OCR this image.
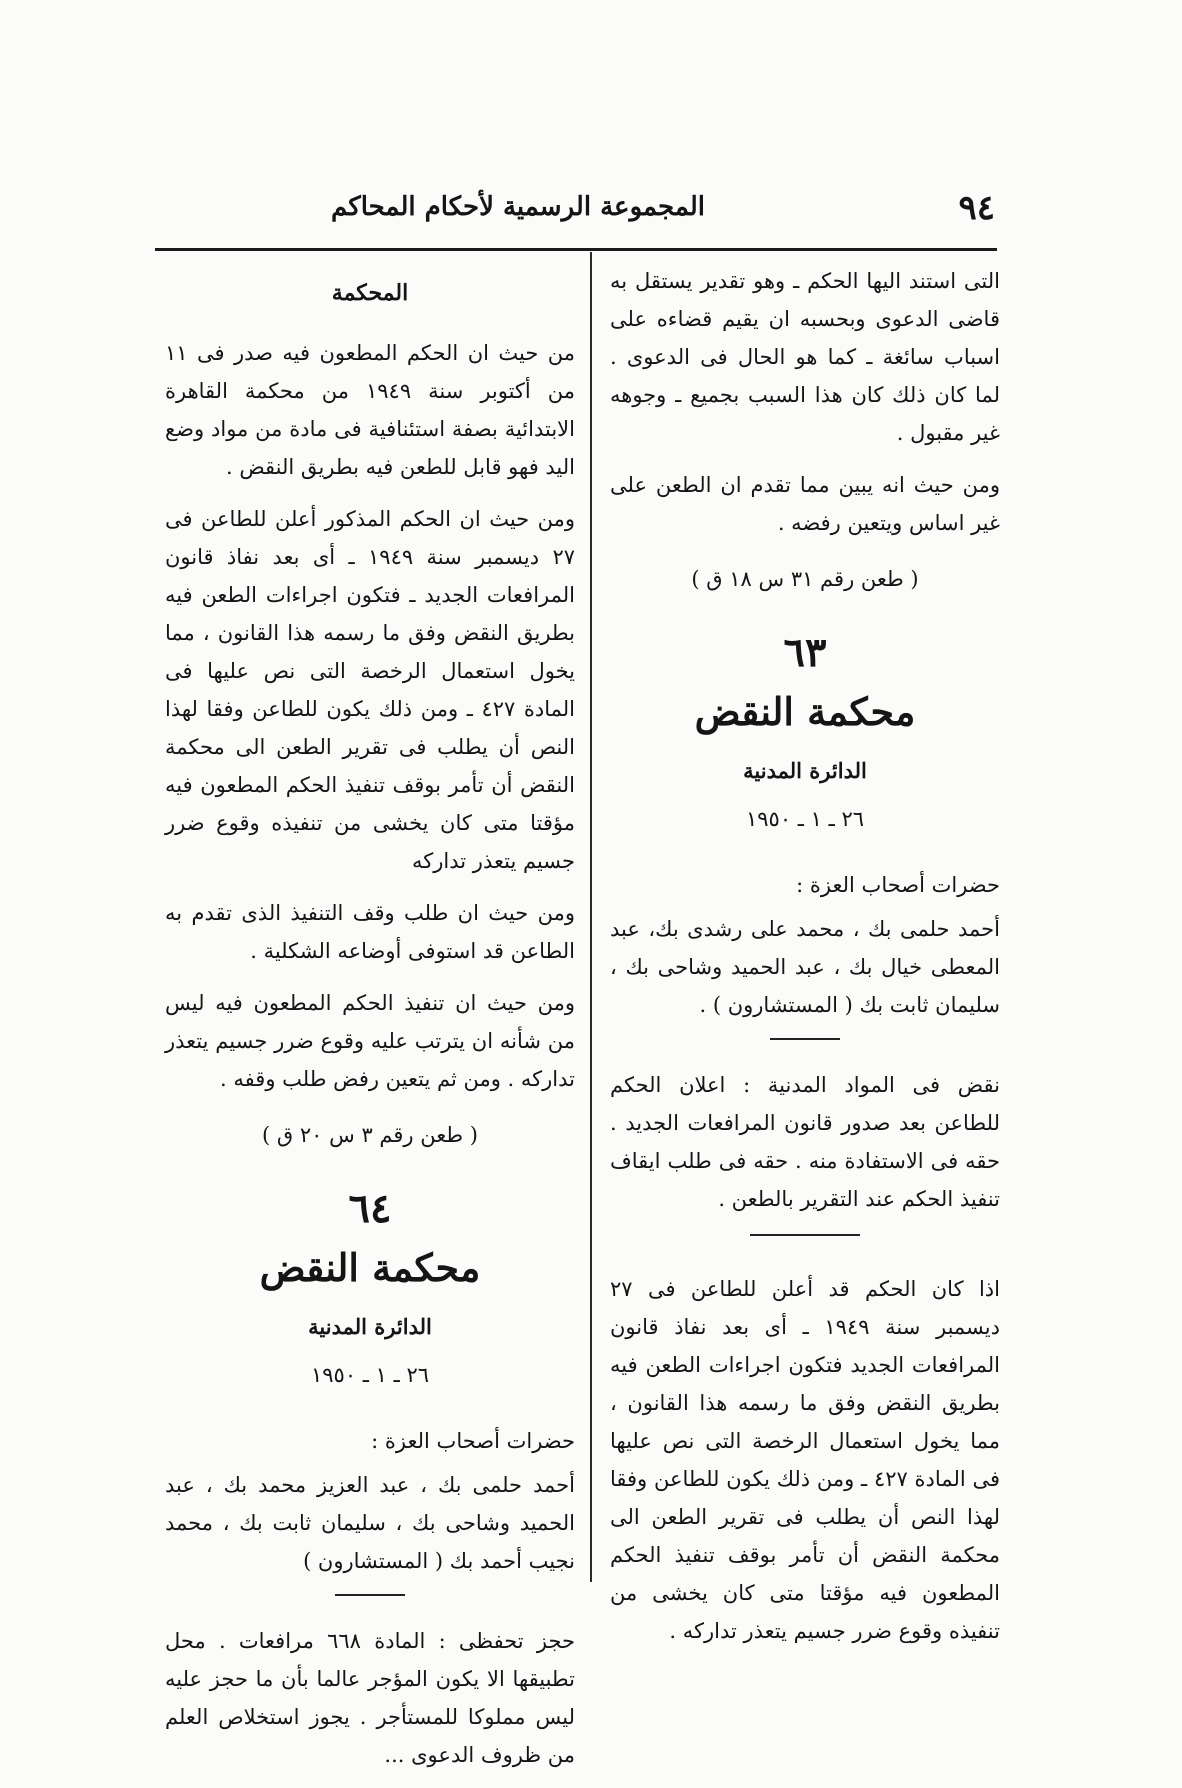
٩٤
المجموعة الرسمية لأحكام المحاكم

التى استند اليها الحكم ـ وهو تقدير يستقل به قاضى الدعوى وبحسبه ان يقيم قضاءه على اسباب سائغة ـ كما هو الحال فى الدعوى . لما كان ذلك كان هذا السبب بجميع ـ وجوهه غير مقبول .

ومن حيث انه يبين مما تقدم ان الطعن على غير اساس ويتعين رفضه .

( طعن رقم ٣١ س ١٨ ق )
٦٣
محكمة النقض
الدائرة المدنية
٢٦ ـ ١ ـ ١٩٥٠
حضرات أصحاب العزة :

أحمد حلمى بك ، محمد على رشدى بك، عبد المعطى خيال بك ، عبد الحميد وشاحى بك ، سليمان ثابت بك ( المستشارون ) .

نقض فى المواد المدنية : اعلان الحكم للطاعن بعد صدور قانون المرافعات الجديد . حقه فى الاستفادة منه . حقه فى طلب ايقاف تنفيذ الحكم عند التقرير بالطعن .

اذا كان الحكم قد أعلن للطاعن فى ٢٧ ديسمبر سنة ١٩٤٩ ـ أى بعد نفاذ قانون المرافعات الجديد فتكون اجراءات الطعن فيه بطريق النقض وفق ما رسمه هذا القانون ، مما يخول استعمال الرخصة التى نص عليها فى المادة ٤٢٧ ـ ومن ذلك يكون للطاعن وفقا لهذا النص أن يطلب فى تقرير الطعن الى محكمة النقض أن تأمر بوقف تنفيذ الحكم المطعون فيه مؤقتا متى كان يخشى من تنفيذه وقوع ضرر جسيم يتعذر تداركه .

المحكمة

من حيث ان الحكم المطعون فيه صدر فى ١١ من أكتوبر سنة ١٩٤٩ من محكمة القاهرة الابتدائية بصفة استئنافية فى مادة من مواد وضع اليد فهو قابل للطعن فيه بطريق النقض .

ومن حيث ان الحكم المذكور أعلن للطاعن فى ٢٧ ديسمبر سنة ١٩٤٩ ـ أى بعد نفاذ قانون المرافعات الجديد ـ فتكون اجراءات الطعن فيه بطريق النقض وفق ما رسمه هذا القانون ، مما يخول استعمال الرخصة التى نص عليها فى المادة ٤٢٧ ـ ومن ذلك يكون للطاعن وفقا لهذا النص أن يطلب فى تقرير الطعن الى محكمة النقض أن تأمر بوقف تنفيذ الحكم المطعون فيه مؤقتا متى كان يخشى من تنفيذه وقوع ضرر جسيم يتعذر تداركه

ومن حيث ان طلب وقف التنفيذ الذى تقدم به الطاعن قد استوفى أوضاعه الشكلية .

ومن حيث ان تنفيذ الحكم المطعون فيه ليس من شأنه ان يترتب عليه وقوع ضرر جسيم يتعذر تداركه . ومن ثم يتعين رفض طلب وقفه .

( طعن رقم ٣ س ٢٠ ق )
٦٤
محكمة النقض
الدائرة المدنية
٢٦ ـ ١ ـ ١٩٥٠
حضرات أصحاب العزة :

أحمد حلمى بك ، عبد العزيز محمد بك ، عبد الحميد وشاحى بك ، سليمان ثابت بك ، محمد نجيب أحمد بك ( المستشارون )

حجز تحفظى : المادة ٦٦٨ مرافعات . محل تطبيقها الا يكون المؤجر عالما بأن ما حجز عليه ليس مملوكا للمستأجر . يجوز استخلاص العلم من ظروف الدعوى ...
